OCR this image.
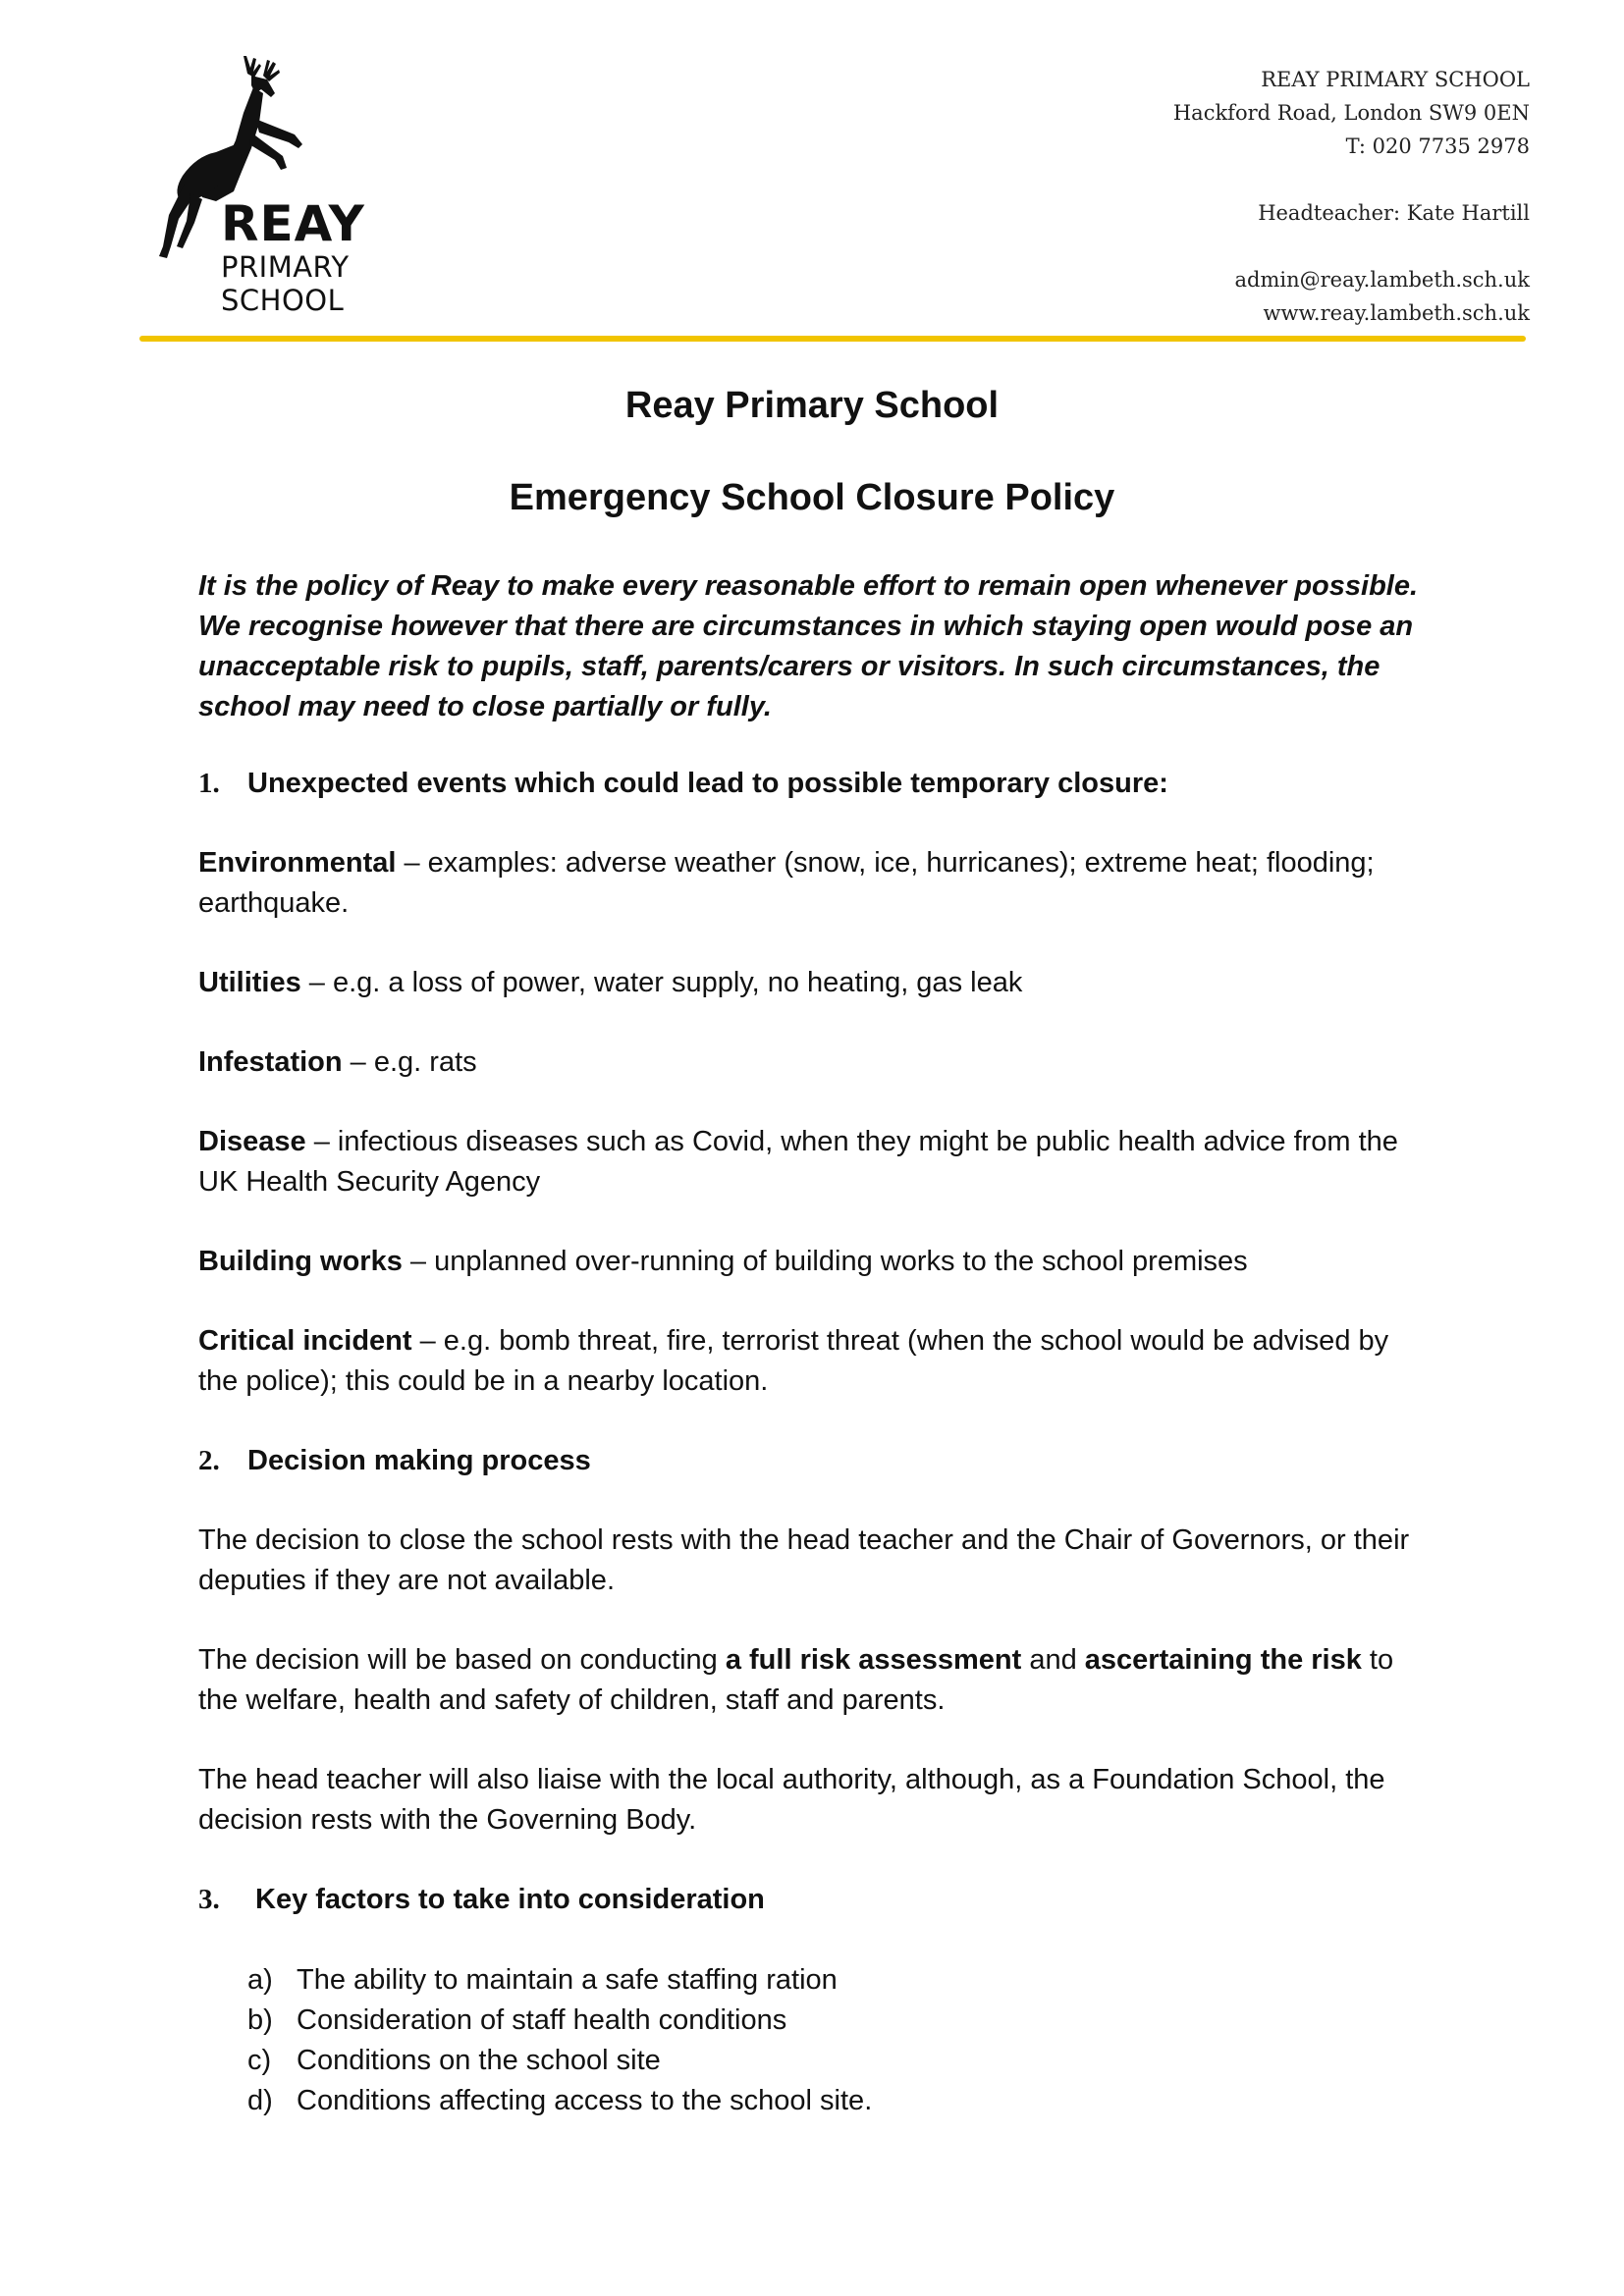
REAY
PRIMARY
SCHOOL
REAY PRIMARY SCHOOL
Hackford Road, London SW9 0EN
T: 020 7735 2978
Headteacher: Kate Hartill
admin@reay.lambeth.sch.uk
www.reay.lambeth.sch.uk
Reay Primary School
Emergency School Closure Policy

It is the policy of Reay to make every reasonable effort to remain open whenever possible. We recognise however that there are circumstances in which staying open would pose an unacceptable risk to pupils, staff, parents/carers or visitors. In such circumstances, the school may need to close partially or fully.

1. Unexpected events which could lead to possible temporary closure:
Environmental – examples: adverse weather (snow, ice, hurricanes); extreme heat; flooding; earthquake.
Utilities – e.g. a loss of power, water supply, no heating, gas leak
Infestation – e.g. rats
Disease – infectious diseases such as Covid, when they might be public health advice from the UK Health Security Agency
Building works – unplanned over-running of building works to the school premises
Critical incident – e.g. bomb threat, fire, terrorist threat (when the school would be advised by the police); this could be in a nearby location.
2. Decision making process
The decision to close the school rests with the head teacher and the Chair of Governors, or their deputies if they are not available.
The decision will be based on conducting a full risk assessment and ascertaining the risk to the welfare, health and safety of children, staff and parents.
The head teacher will also liaise with the local authority, although, as a Foundation School, the decision rests with the Governing Body.
3. Key factors to take into consideration
a) The ability to maintain a safe staffing ration
b) Consideration of staff health conditions
c) Conditions on the school site
d) Conditions affecting access to the school site.
